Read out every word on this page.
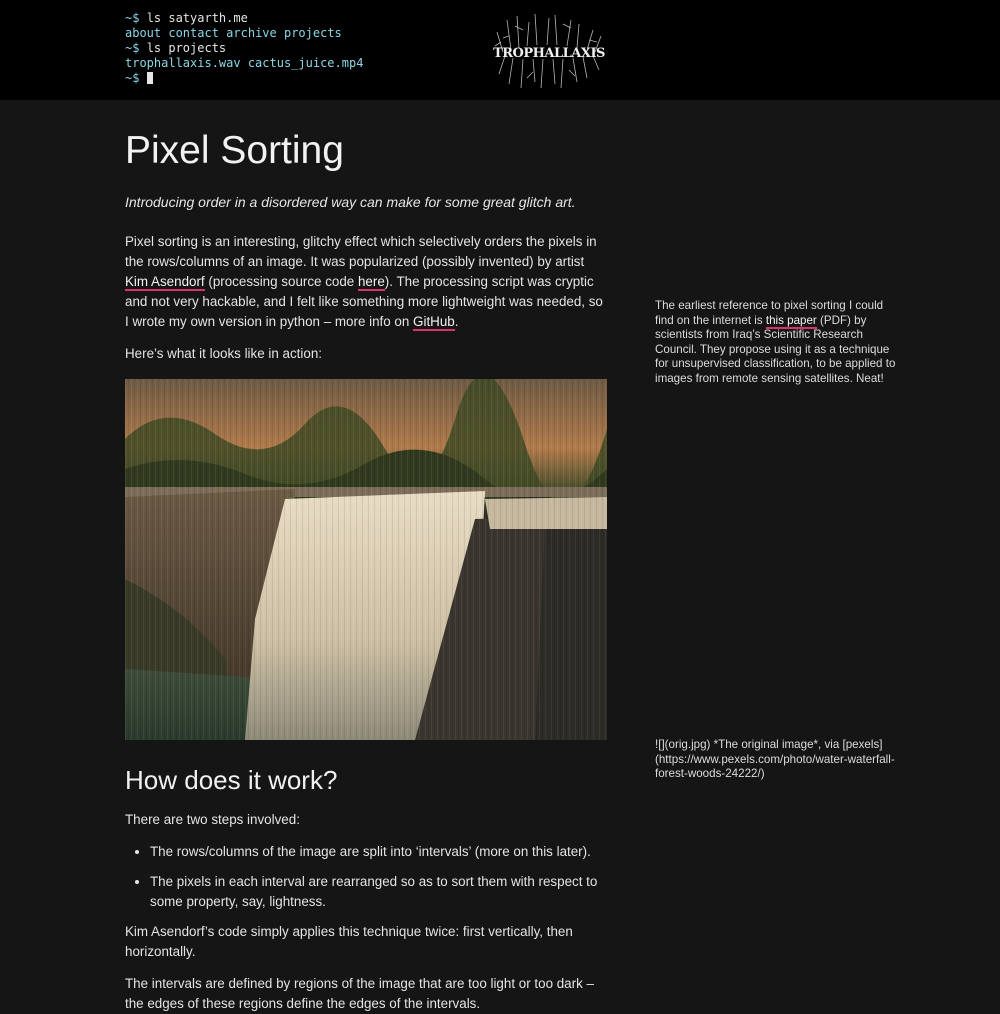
~$ ls satyarth.me
about contact archive projects
~$ ls projects
trophallaxis.wav cactus_juice.mp4
~$
TROPHALLAXIS
Pixel Sorting
Introducing order in a disordered way can make for some great glitch art.

Pixel sorting is an interesting, glitchy effect which selectively orders the pixels in the rows/columns of an image. It was popularized (possibly invented) by artist Kim Asendorf (processing source code here). The processing script was cryptic and not very hackable, and I felt like something more lightweight was needed, so I wrote my own version in python – more info on GitHub.

Here’s what it looks like in action:

How does it work?

There are two steps involved:

• The rows/columns of the image are split into ‘intervals’ (more on this later).
• The pixels in each interval are rearranged so as to sort them with respect to some property, say, lightness.

Kim Asendorf’s code simply applies this technique twice: first vertically, then horizontally.

The intervals are defined by regions of the image that are too light or too dark – the edges of these regions define the edges of the intervals.

The earliest reference to pixel sorting I could find on the internet is this paper (PDF) by scientists from Iraq’s Scientific Research Council. They propose using it as a technique for unsupervised classification, to be applied to images from remote sensing satellites. Neat!
![](orig.jpg) *The original image*, via [pexels](https://www.pexels.com/photo/water-waterfall-forest-woods-24222/)
